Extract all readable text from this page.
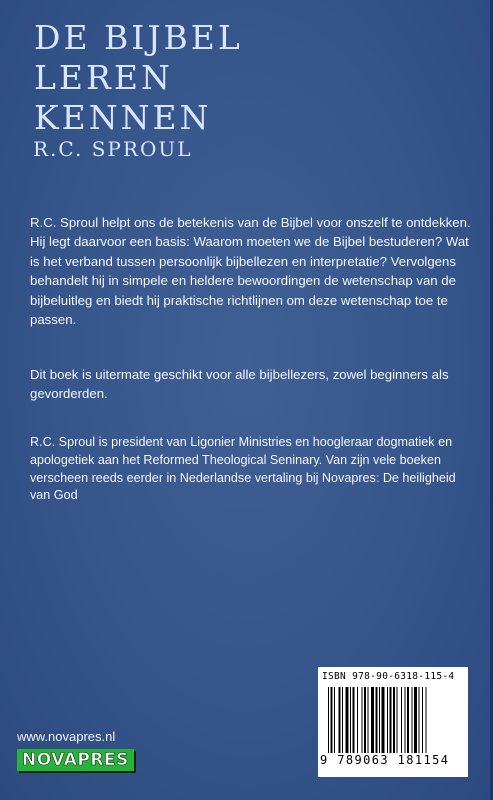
DE BIJBEL
LEREN
KENNEN
R.C. SPROUL
R.C. Sproul helpt ons de betekenis van de Bijbel voor onszelf te ontdekken. Hij legt daarvoor een basis: Waarom moeten we de Bijbel bestuderen? Wat is het verband tussen persoonlijk bijbellezen en interpretatie? Vervolgens behandelt hij in simpele en heldere bewoordingen de wetenschap van de bijbeluitleg en biedt hij praktische richtlijnen om deze wetenschap toe te passen.
Dit boek is uitermate geschikt voor alle bijbellezers, zowel beginners als gevorderden.
R.C. Sproul is president van Ligonier Ministries en hoogleraar dogmatiek en apologetiek aan het Reformed Theological Seninary. Van zijn vele boeken verscheen reeds eerder in Nederlandse vertaling bij Novapres: De heiligheid van God
www.novapres.nl
NOVAPRES
ISBN 978-90-6318-115-4
9 789063 181154
